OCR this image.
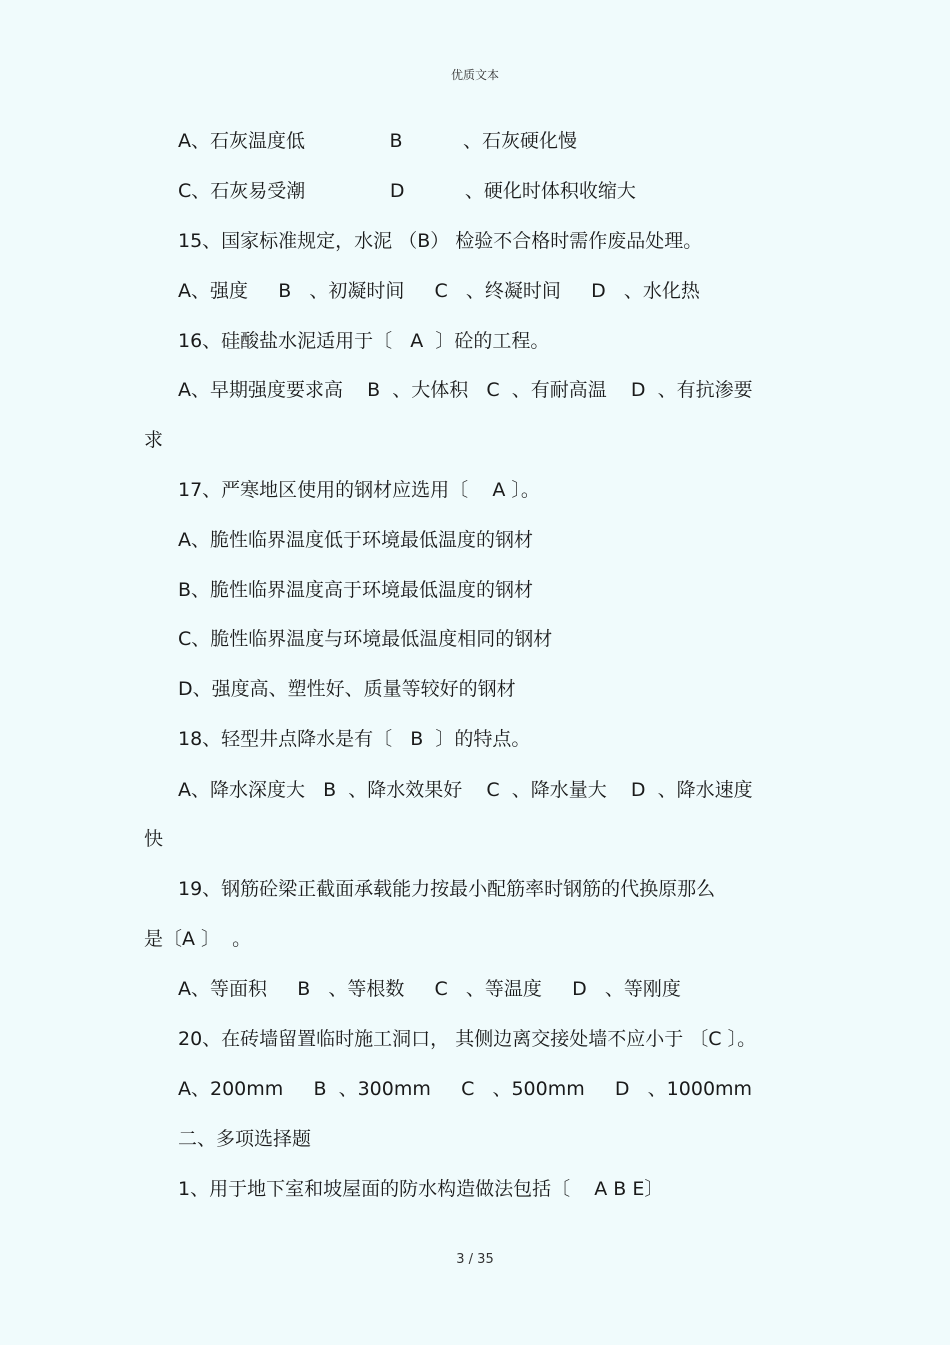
优质文本
A、石灰温度低              B          、石灰硬化慢
C、石灰易受潮              D          、硬化时体积收缩大
15、国家标准规定，水泥 （B） 检验不合格时需作废品处理。
A、强度     B   、初凝时间     C   、终凝时间     D   、水化热
16、硅酸盐水泥适用于〔   A  〕砼的工程。
A、早期强度要求高    B  、大体积   C  、有耐高温    D  、有抗渗要
求
17、严寒地区使用的钢材应选用〔    A 〕。
A、脆性临界温度低于环境最低温度的钢材
B、脆性临界温度高于环境最低温度的钢材
C、脆性临界温度与环境最低温度相同的钢材
D、强度高、塑性好、质量等较好的钢材
18、轻型井点降水是有〔   B  〕的特点。
A、降水深度大   B  、降水效果好    C  、降水量大    D  、降水速度
快
19、钢筋砼梁正截面承载能力按最小配筋率时钢筋的代换原那么
是〔A 〕  。
A、等面积     B   、等根数     C   、等温度     D   、等刚度
20、在砖墙留置临时施工洞口， 其侧边离交接处墙不应小于 〔C 〕。
A、200mm     B  、300mm     C   、500mm     D   、1000mm
二、多项选择题
1、用于地下室和坡屋面的防水构造做法包括〔    A B E〕
3 / 35
